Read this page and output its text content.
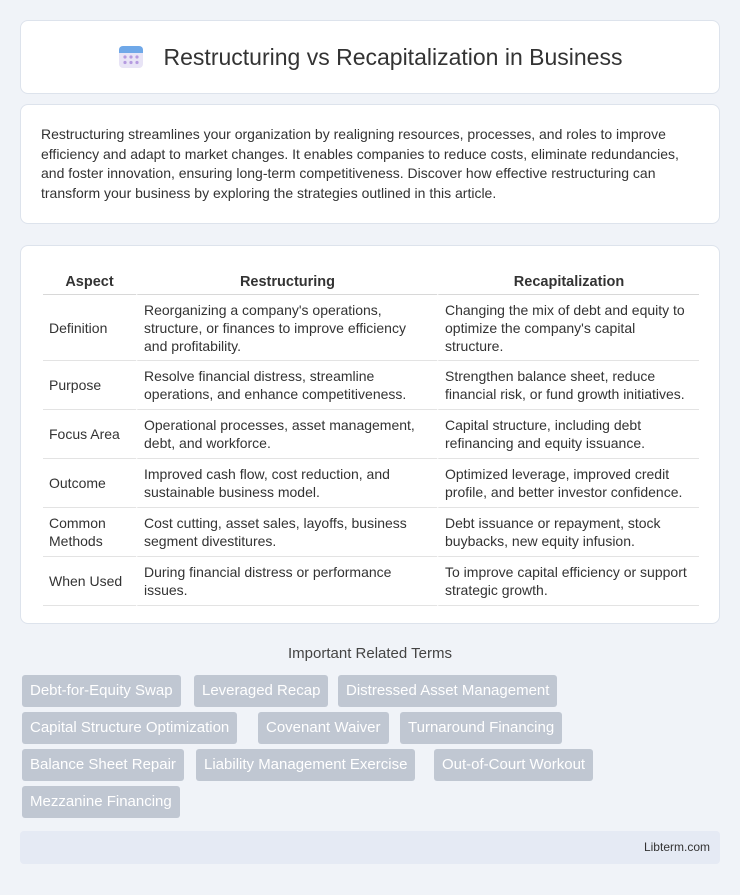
Restructuring vs Recapitalization in Business

Restructuring streamlines your organization by realigning resources, processes, and roles to improve efficiency and adapt to market changes. It enables companies to reduce costs, eliminate redundancies, and foster innovation, ensuring long-term competitiveness. Discover how effective restructuring can transform your business by exploring the strategies outlined in this article.

Aspect	Restructuring	Recapitalization
Definition	Reorganizing a company's operations, structure, or finances to improve efficiency and profitability.	Changing the mix of debt and equity to optimize the company's capital structure.
Purpose	Resolve financial distress, streamline operations, and enhance competitiveness.	Strengthen balance sheet, reduce financial risk, or fund growth initiatives.
Focus Area	Operational processes, asset management, debt, and workforce.	Capital structure, including debt refinancing and equity issuance.
Outcome	Improved cash flow, cost reduction, and sustainable business model.	Optimized leverage, improved credit profile, and better investor confidence.
Common Methods	Cost cutting, asset sales, layoffs, business segment divestitures.	Debt issuance or repayment, stock buybacks, new equity infusion.
When Used	During financial distress or performance issues.	To improve capital efficiency or support strategic growth.
Important Related Terms
Debt-for-Equity Swap	Leveraged Recap	Distressed Asset Management
Capital Structure Optimization	Covenant Waiver	Turnaround Financing
Balance Sheet Repair	Liability Management Exercise	Out-of-Court Workout
Mezzanine Financing
Libterm.com
